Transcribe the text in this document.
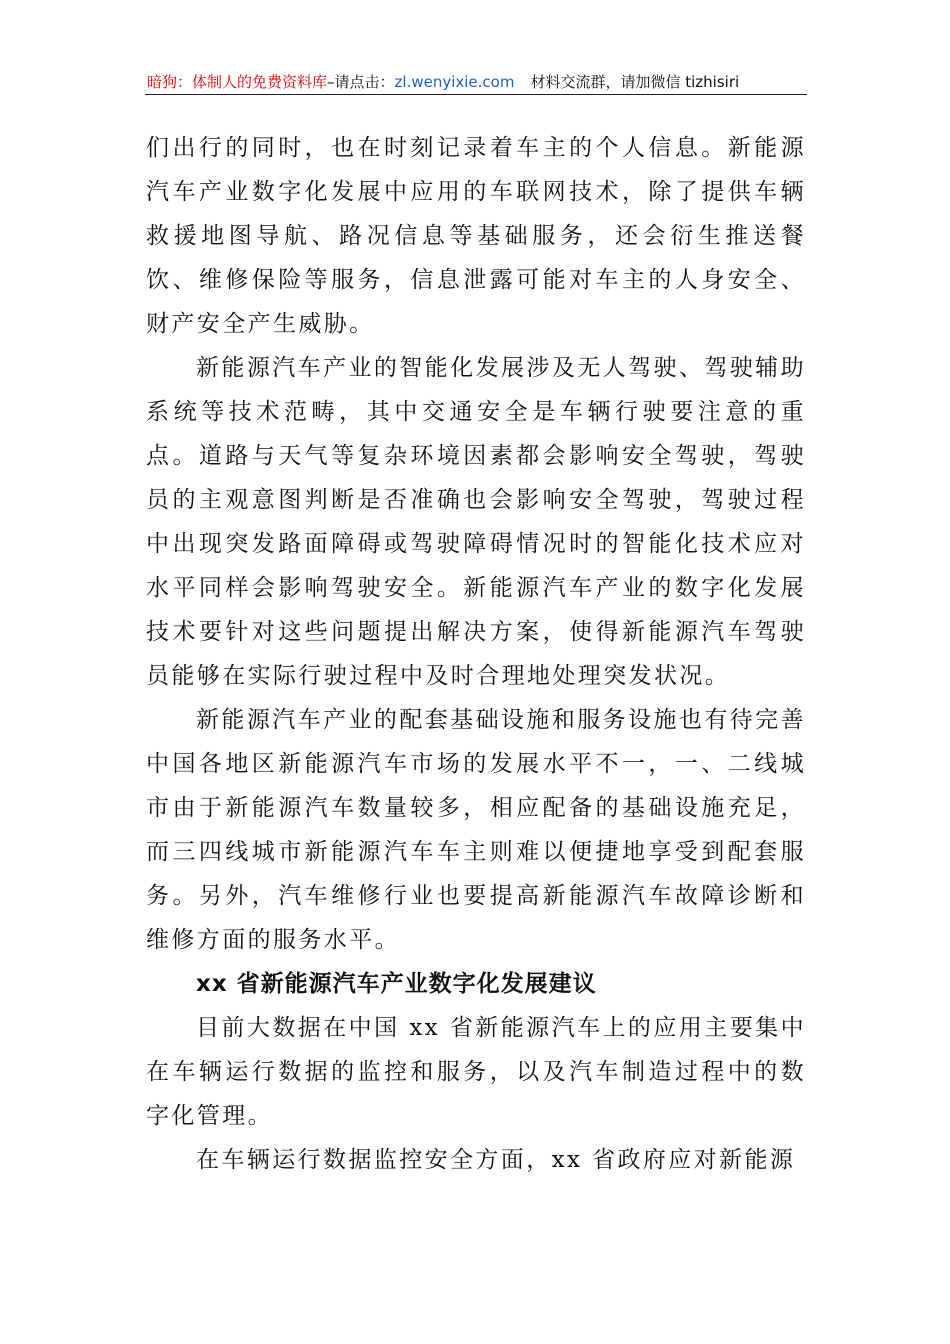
暗狗：体制人的免费资料库–请点击：zl.wenyixie.com 材料交流群，请加微信 tizhisiri

们出行的同时，也在时刻记录着车主的个人信息。新能源汽车产业数字化发展中应用的车联网技术，除了提供车辆救援地图导航、路况信息等基础服务，还会衍生推送餐饮、维修保险等服务，信息泄露可能对车主的人身安全、财产安全产生威胁。

新能源汽车产业的智能化发展涉及无人驾驶、驾驶辅助系统等技术范畴，其中交通安全是车辆行驶要注意的重点。道路与天气等复杂环境因素都会影响安全驾驶，驾驶员的主观意图判断是否准确也会影响安全驾驶，驾驶过程中出现突发路面障碍或驾驶障碍情况时的智能化技术应对水平同样会影响驾驶安全。新能源汽车产业的数字化发展技术要针对这些问题提出解决方案，使得新能源汽车驾驶员能够在实际行驶过程中及时合理地处理突发状况。

新能源汽车产业的配套基础设施和服务设施也有待完善中国各地区新能源汽车市场的发展水平不一，一、二线城市由于新能源汽车数量较多，相应配备的基础设施充足，而三四线城市新能源汽车车主则难以便捷地享受到配套服务。另外，汽车维修行业也要提高新能源汽车故障诊断和维修方面的服务水平。

xx 省新能源汽车产业数字化发展建议

目前大数据在中国 xx 省新能源汽车上的应用主要集中在车辆运行数据的监控和服务，以及汽车制造过程中的数字化管理。

在车辆运行数据监控安全方面，xx 省政府应对新能源
